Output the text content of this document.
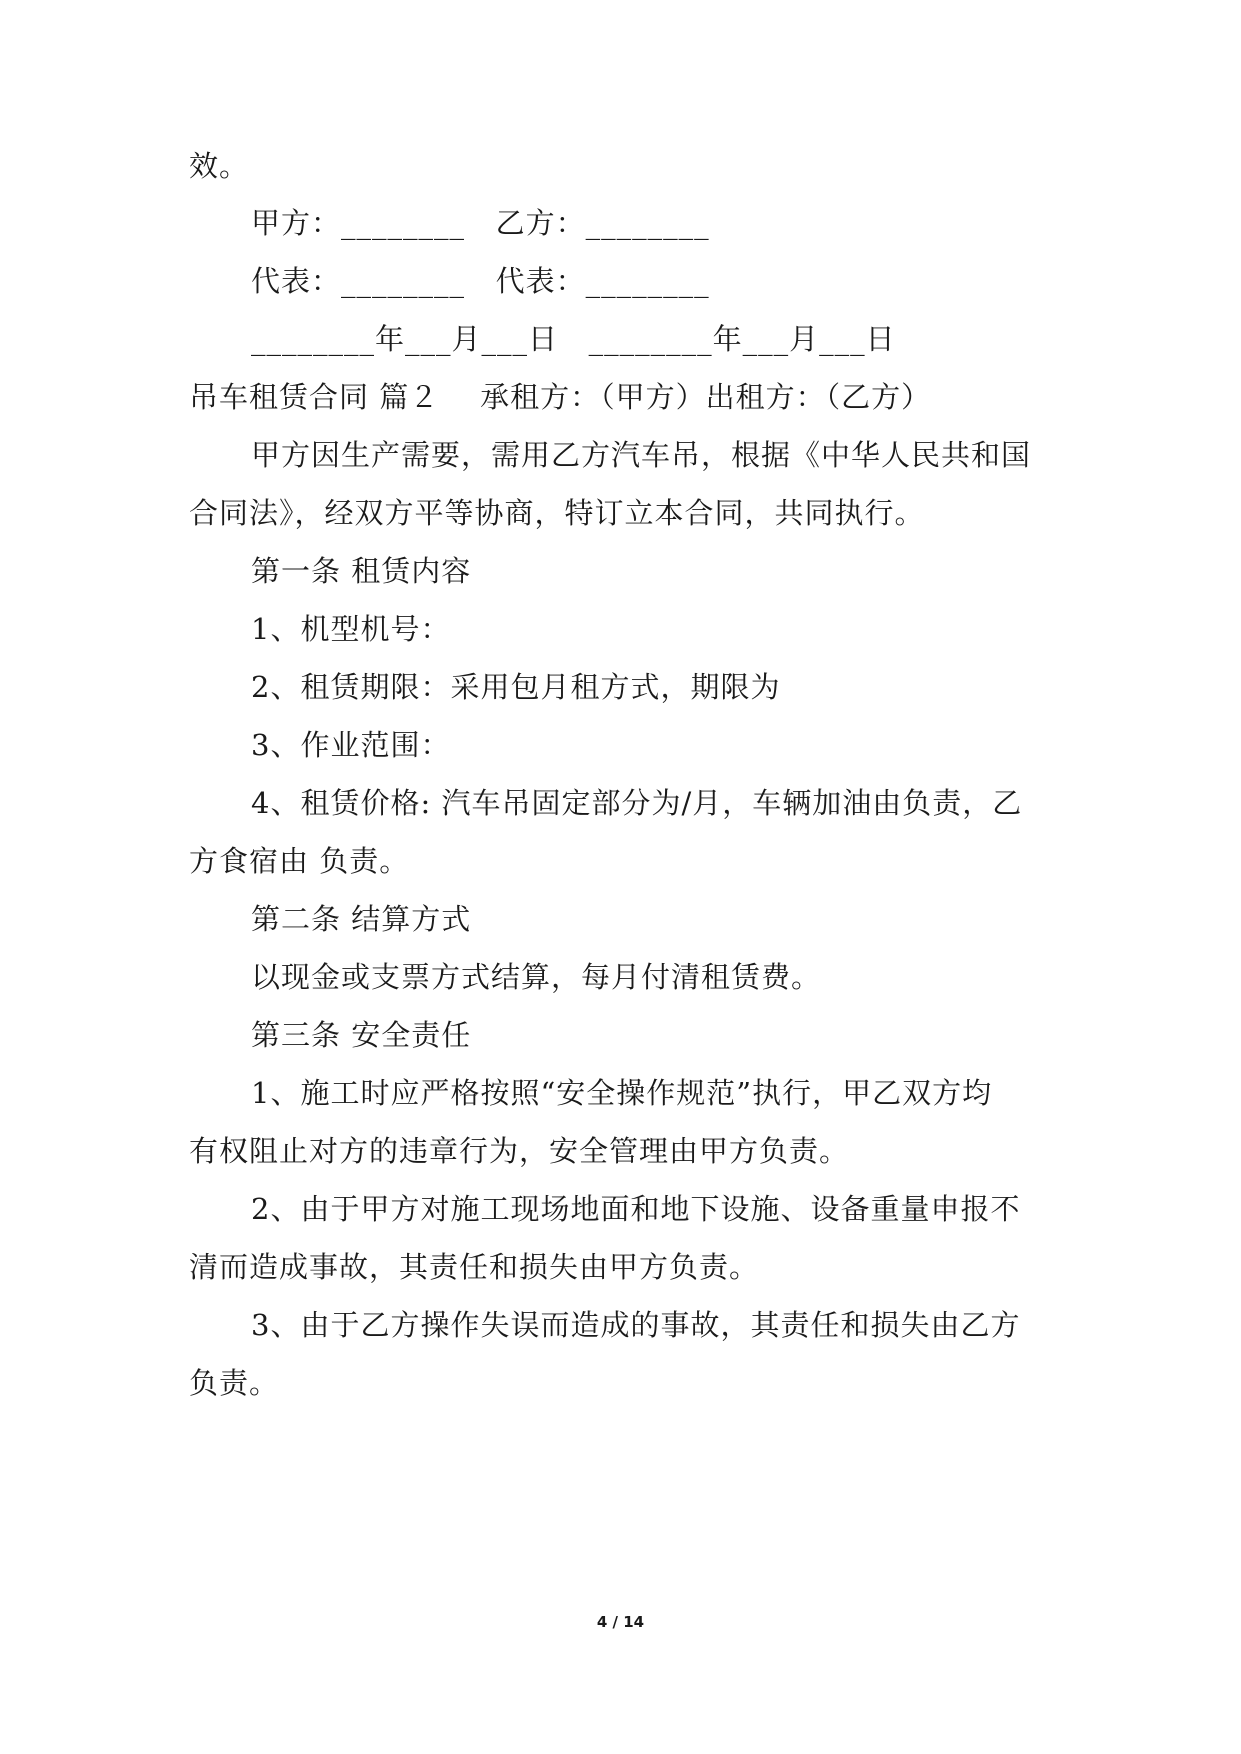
效。
甲方：________   乙方：________
代表：________   代表：________
________年___月___日   ________年___月___日
吊车租赁合同 篇２    承租方：（甲方）出租方：（乙方）
甲方因生产需要，需用乙方汽车吊，根据《中华人民共和国
合同法》，经双方平等协商，特订立本合同，共同执行。
第一条 租赁内容
1、机型机号：
2、租赁期限：采用包月租方式，期限为
3、作业范围：
4、租赁价格: 汽车吊固定部分为/月，车辆加油由负责，乙
方食宿由 负责。
第二条 结算方式
以现金或支票方式结算，每月付清租赁费。
第三条 安全责任
1、施工时应严格按照“安全操作规范”执行，甲乙双方均
有权阻止对方的违章行为，安全管理由甲方负责。
2、由于甲方对施工现场地面和地下设施、设备重量申报不
清而造成事故，其责任和损失由甲方负责。
3、由于乙方操作失误而造成的事故，其责任和损失由乙方
负责。
4 / 14
